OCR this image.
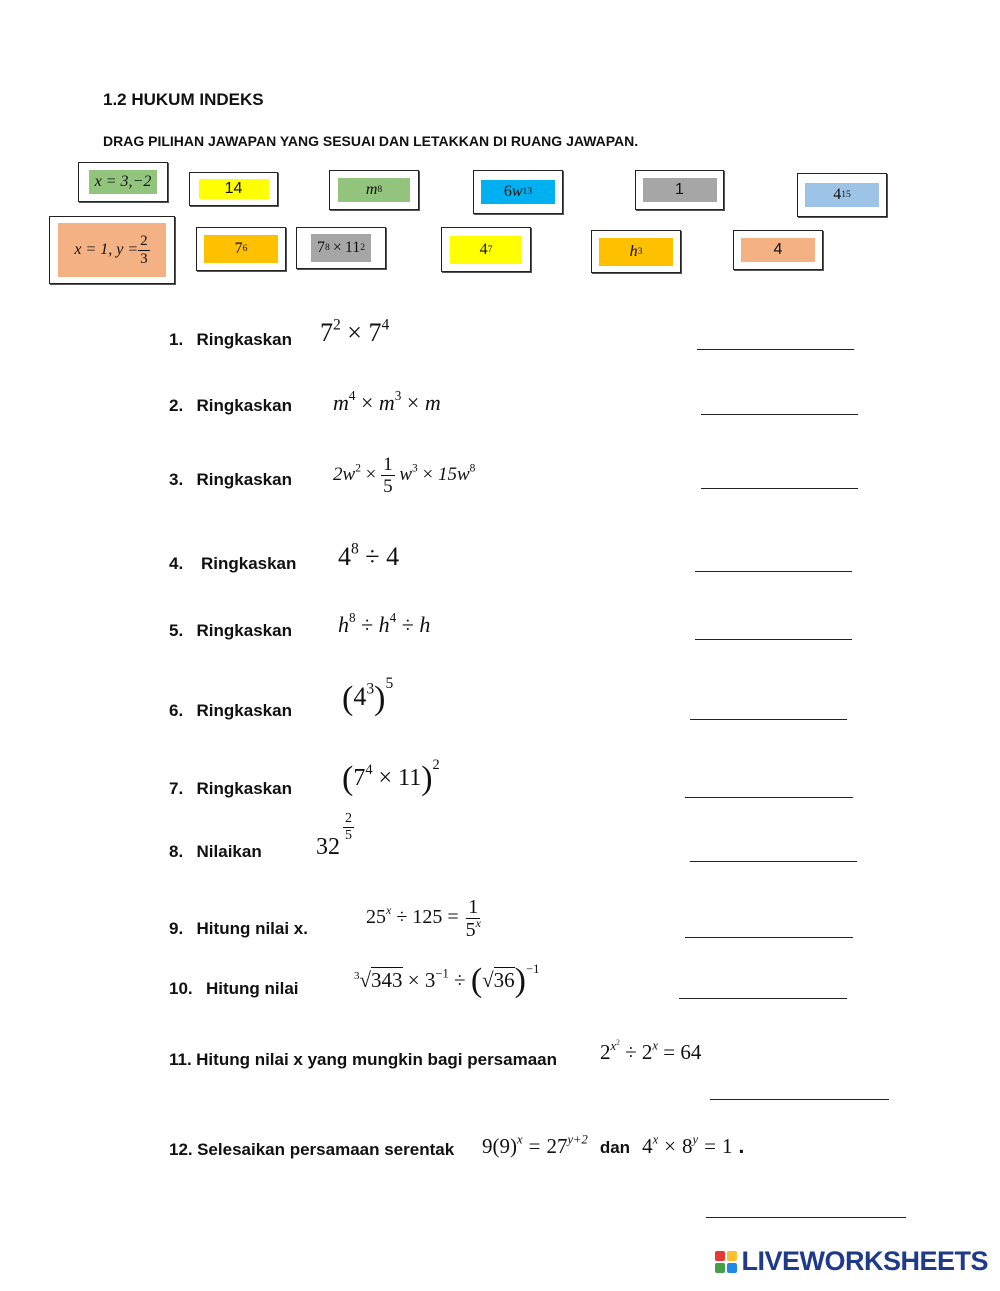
1.2 HUKUM INDEKS
DRAG PILIHAN JAWAPAN YANG SESUAI DAN LETAKKAN DI RUANG JAWAPAN.
x = 3,−2	14	m 8	6 w 13	1	4 15
x = 1, $y = \frac{2}{3}$	7 6	7 8 × 11 2	4 7	h 3	4
1. Ringkaskan $7^2 \times 7^4$
2. Ringkaskan $m^4 \times m^3 \times m$
3. Ringkaskan $2w^2 \times \frac{1}{5} w^3 \times 15w^8$
4. Ringkaskan $4^8 \div 4$
5. Ringkaskan $h^8 \div h^4 \div h$
6. Ringkaskan $(4^3)^5$
7. Ringkaskan $(7^4 \times 11)^2$
8. Nilaikan 32
$\frac{2}{5}$
9. Hitung nilai x.
$25^x \div 125 = \frac{1}{5^x}$
10. Hitung nilai
$^3√343 \times 3^{-1} \div (√36)^{-1}$
11. Hitung nilai x yang mungkin bagi persamaan $2^{x^2} \div 2^x = 64$
12. Selesaikan persamaan serentak $9(9)^x = 27^{y+2}$ dan $4^x \times 8^y = 1$ .
LIVEWORKSHEETS
